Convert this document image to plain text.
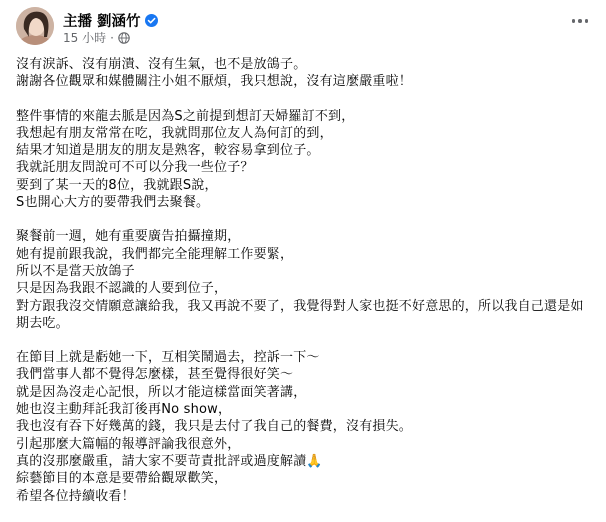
主播 劉涵竹
15 小時 ·
沒有淚訴、沒有崩潰、沒有生氣，也不是放鴿子。
謝謝各位觀眾和媒體關注小姐不厭煩，我只想說，沒有這麼嚴重啦！
整件事情的來龍去脈是因為S之前提到想訂天婦羅訂不到，
我想起有朋友常常在吃，我就問那位友人為何訂的到，
結果才知道是朋友的朋友是熟客，較容易拿到位子。
我就託朋友問說可不可以分我一些位子？
要到了某一天的8位，我就跟S說，
S也開心大方的要帶我們去聚餐。
聚餐前一週，她有重要廣告拍攝撞期，
她有提前跟我說，我們都完全能理解工作要緊，
所以不是當天放鴿子
只是因為我跟不認識的人要到位子，
對方跟我沒交情願意讓給我，我又再說不要了，我覺得對人家也挺不好意思的，所以我自己還是如
期去吃。
在節目上就是虧她一下，互相笑鬧過去，控訴一下～
我們當事人都不覺得怎麼樣，甚至覺得很好笑～
就是因為沒走心記恨，所以才能這樣當面笑著講，
她也沒主動拜託我訂後再No show，
我也沒有吞下好幾萬的錢，我只是去付了我自己的餐費，沒有損失。
引起那麼大篇幅的報導評論我很意外，
真的沒那麼嚴重，請大家不要苛責批評或過度解讀🙏
綜藝節目的本意是要帶給觀眾歡笑，
希望各位持續收看！
